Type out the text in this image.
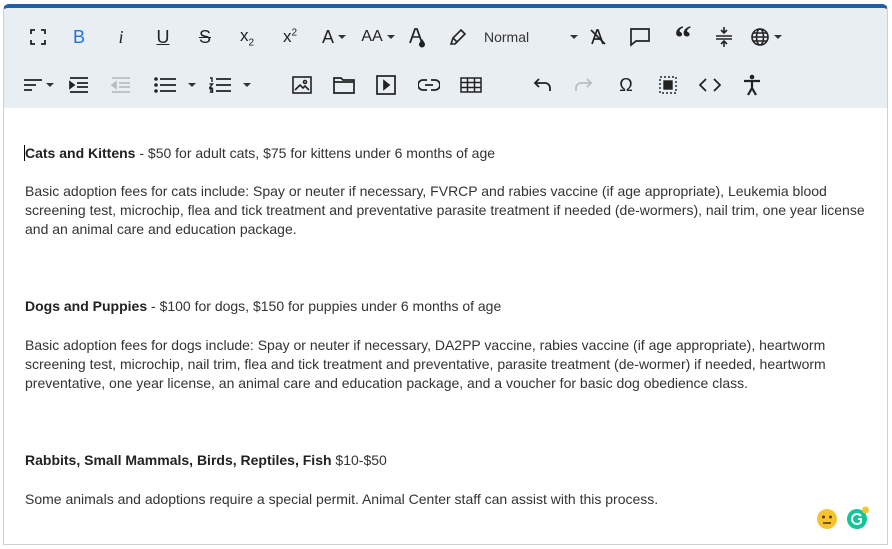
B i U S $x_2$ $x^2$ A AA	Normal	“
Ω

Cats and Kittens - $50 for adult cats, $75 for kittens under 6 months of age

Basic adoption fees for cats include: Spay or neuter if necessary, FVRCP and rabies vaccine (if age appropriate), Leukemia blood screening test, microchip, flea and tick treatment and preventative parasite treatment if needed (de-wormers), nail trim, one year license and an animal care and education package.

Dogs and Puppies - $100 for dogs, $150 for puppies under 6 months of age

Basic adoption fees for dogs include: Spay or neuter if necessary, DA2PP vaccine, rabies vaccine (if age appropriate), heartworm screening test, microchip, nail trim, flea and tick treatment and preventative, parasite treatment (de-wormer) if needed, heartworm preventative, one year license, an animal care and education package, and a voucher for basic dog obedience class.

Rabbits, Small Mammals, Birds, Reptiles, Fish $10-$50

Some animals and adoptions require a special permit. Animal Center staff can assist with this process.
